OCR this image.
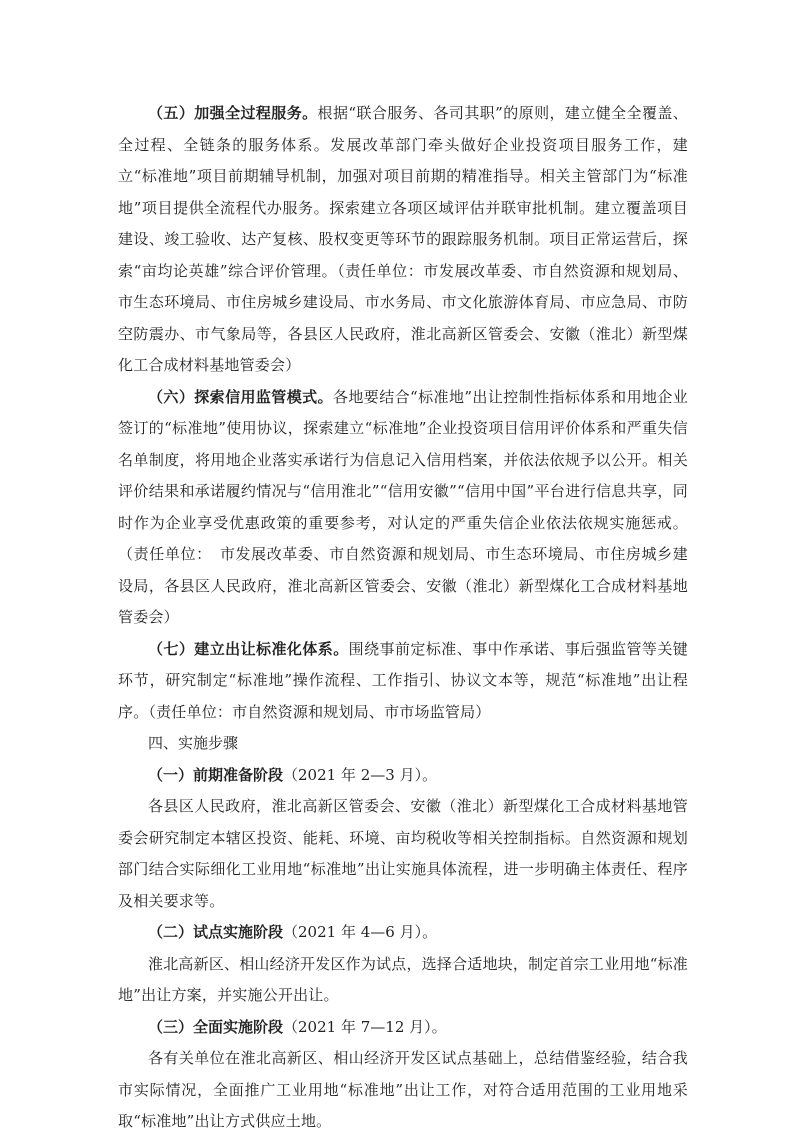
（五）加强全过程服务。根据“联合服务、各司其职”的原则，建立健全全覆盖、全过程、全链条的服务体系。发展改革部门牵头做好企业投资项目服务工作，建立“标准地”项目前期辅导机制，加强对项目前期的精准指导。相关主管部门为“标准地”项目提供全流程代办服务。探索建立各项区域评估并联审批机制。建立覆盖项目建设、竣工验收、达产复核、股权变更等环节的跟踪服务机制。项目正常运营后，探索“亩均论英雄”综合评价管理。（责任单位：市发展改革委、市自然资源和规划局、市生态环境局、市住房城乡建设局、市水务局、市文化旅游体育局、市应急局、市防空防震办、市气象局等，各县区人民政府，淮北高新区管委会、安徽（淮北）新型煤化工合成材料基地管委会）

（六）探索信用监管模式。各地要结合“标准地”出让控制性指标体系和用地企业签订的“标准地”使用协议，探索建立“标准地”企业投资项目信用评价体系和严重失信名单制度，将用地企业落实承诺行为信息记入信用档案，并依法依规予以公开。相关评价结果和承诺履约情况与“信用淮北”“信用安徽”“信用中国”平台进行信息共享，同时作为企业享受优惠政策的重要参考，对认定的严重失信企业依法依规实施惩戒。（责任单位：　市发展改革委、市自然资源和规划局、市生态环境局、市住房城乡建设局，各县区人民政府，淮北高新区管委会、安徽（淮北）新型煤化工合成材料基地管委会）

（七）建立出让标准化体系。围绕事前定标准、事中作承诺、事后强监管等关键环节，研究制定“标准地”操作流程、工作指引、协议文本等，规范“标准地”出让程序。（责任单位：市自然资源和规划局、市市场监管局）

四、实施步骤

（一）前期准备阶段（2021 年 2—3 月）。

各县区人民政府，淮北高新区管委会、安徽（淮北）新型煤化工合成材料基地管委会研究制定本辖区投资、能耗、环境、亩均税收等相关控制指标。自然资源和规划部门结合实际细化工业用地“标准地”出让实施具体流程，进一步明确主体责任、程序及相关要求等。

（二）试点实施阶段（2021 年 4—6 月）。

淮北高新区、相山经济开发区作为试点，选择合适地块，制定首宗工业用地“标准地”出让方案，并实施公开出让。

（三）全面实施阶段（2021 年 7—12 月）。

各有关单位在淮北高新区、相山经济开发区试点基础上，总结借鉴经验，结合我市实际情况，全面推广工业用地“标准地”出让工作，对符合适用范围的工业用地采取“标准地”出让方式供应土地。
